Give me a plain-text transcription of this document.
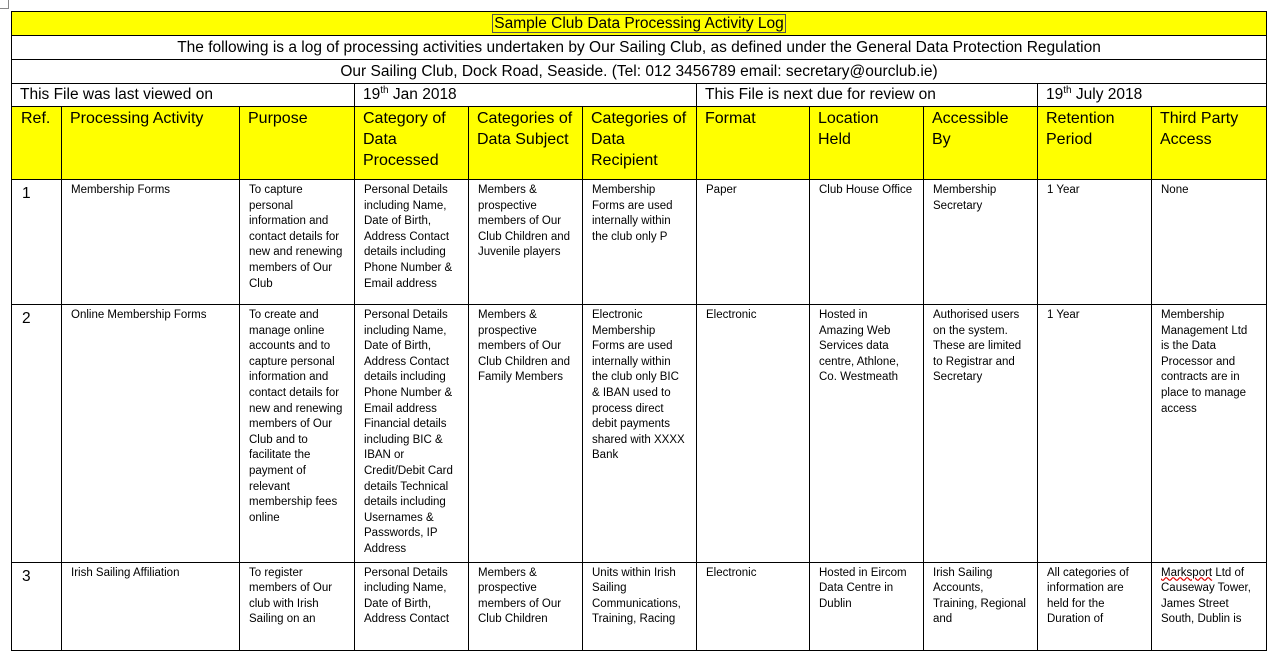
Sample Club Data Processing Activity Log										
The following is a log of processing activities undertaken by Our Sailing Club, as defined under the General Data Protection Regulation										
Our Sailing Club, Dock Road, Seaside. (Tel: 012 3456789 email: secretary@ourclub.ie)										
This File was last viewed on			19th Jan 2018			This File is next due for review on			19th July 2018	
Ref.	Processing Activity	Purpose	Category of Data Processed	Categories of Data Subject	Categories of Data Recipient	Format	Location Held	Accessible By	Retention Period	Third Party Access
1	Membership Forms	To capture personal information and contact details for new and renewing members of Our Club	Personal Details including Name, Date of Birth, Address Contact details including Phone Number & Email address	Members & prospective members of Our Club Children and Juvenile players	Membership Forms are used internally within the club only P	Paper	Club House Office	Membership Secretary	1 Year	None
2	Online Membership Forms	To create and manage online accounts and to capture personal information and contact details for new and renewing members of Our Club and to facilitate the payment of relevant membership fees online	Personal Details including Name, Date of Birth, Address Contact details including Phone Number & Email address Financial details including BIC & IBAN or Credit/Debit Card details Technical details including Usernames & Passwords, IP Address	Members & prospective members of Our Club Children and Family Members	Electronic Membership Forms are used internally within the club only BIC & IBAN used to process direct debit payments shared with XXXX Bank	Electronic	Hosted in Amazing Web Services data centre, Athlone, Co. Westmeath	Authorised users on the system. These are limited to Registrar and Secretary	1 Year	Membership Management Ltd is the Data Processor and contracts are in place to manage access
3	Irish Sailing Affiliation	To register members of Our club with Irish Sailing on an	Personal Details including Name, Date of Birth, Address Contact	Members & prospective members of Our Club Children	Units within Irish Sailing Communications, Training, Racing	Electronic	Hosted in Eircom Data Centre in Dublin	Irish Sailing Accounts, Training, Regional and	All categories of information are held for the Duration of	Marksport Ltd of Causeway Tower, James Street South, Dublin is
